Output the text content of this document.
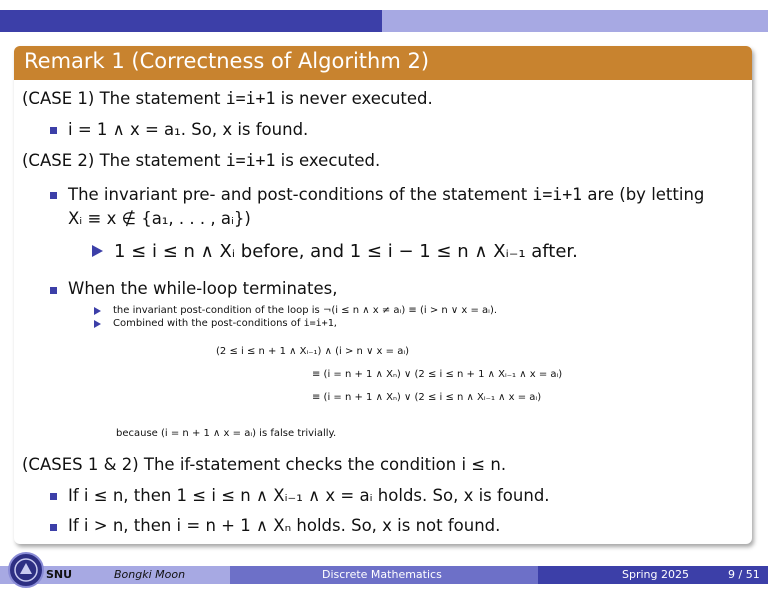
Remark 1 (Correctness of Algorithm 2)
(CASE 1) The statement i=i+1 is never executed.
i = 1 ∧ x = a₁. So, x is found.
(CASE 2) The statement i=i+1 is executed.
The invariant pre- and post-conditions of the statement i=i+1 are (by letting
Xᵢ ≡ x ∉ {a₁, . . . , aᵢ})
1 ≤ i ≤ n ∧ Xᵢ before, and 1 ≤ i − 1 ≤ n ∧ Xᵢ₋₁ after.
When the while-loop terminates,
the invariant post-condition of the loop is ¬(i ≤ n ∧ x ≠ aᵢ) ≡ (i > n ∨ x = aᵢ).
Combined with the post-conditions of i=i+1,
(2 ≤ i ≤ n + 1 ∧ Xᵢ₋₁) ∧ (i > n ∨ x = aᵢ)
≡ (i = n + 1 ∧ Xₙ) ∨ (2 ≤ i ≤ n + 1 ∧ Xᵢ₋₁ ∧ x = aᵢ)
≡ (i = n + 1 ∧ Xₙ) ∨ (2 ≤ i ≤ n ∧ Xᵢ₋₁ ∧ x = aᵢ)
because (i = n + 1 ∧ x = aᵢ) is false trivially.
(CASES 1 & 2) The if-statement checks the condition i ≤ n.
If i ≤ n, then 1 ≤ i ≤ n ∧ Xᵢ₋₁ ∧ x = aᵢ holds. So, x is found.
If i > n, then i = n + 1 ∧ Xₙ holds. So, x is not found.
SNU	Bongki Moon	Discrete Mathematics	Spring 2025	9 / 51
